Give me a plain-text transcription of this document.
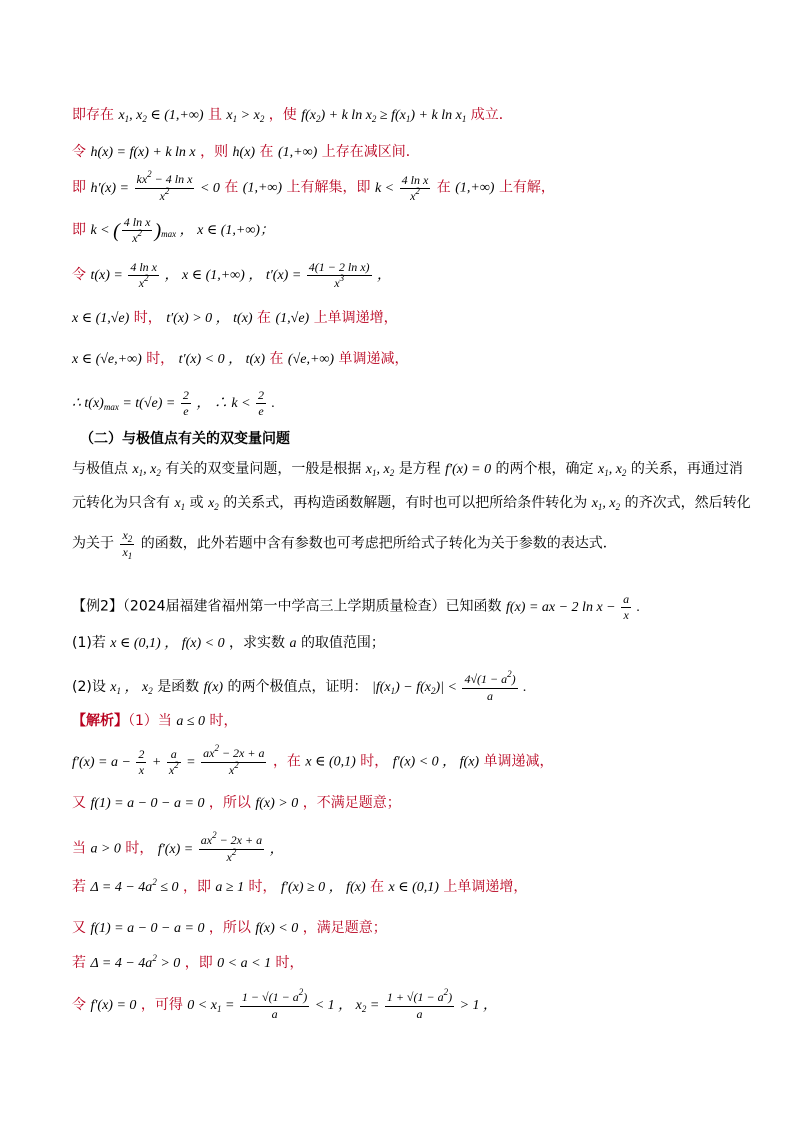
即存在 $x_1$, $x_2$ ∈ (1,+∞) 且 $x_1 > x_2$ ，使 $f(x_2) + k$ $\ln x_2 \ge f(x_1) + k$ $\ln x_1$ 成立．
令 h(x) = f(x) + k ln x ，则 h(x) 在 (1,+∞) 上存在减区间．
即 $h'(x) = \frac{kx^2 - 4 \ln x}{x^2} < 0$ 在 (1,+∞) 上有解集，即 $k < \frac{\text{4 ln x}}{x^2}$ 在 (1,+∞) 上有解，
即 k < ( $\frac{\text{4 ln x}}{x^2} )_{max}$ ， x ∈ (1,+∞)；
令 $t(x) = \frac{\text{4 ln x}}{x^2}$ ， x ∈ (1,+∞) ， $t'(x) = \frac{\text{4(1 − 2 ln x)}}{x^3}$ ，
x ∈ (1,√e) 时， t′(x) > 0 ， t(x) 在 (1,√e) 上单调递增，
x ∈ (√e,+∞) 时， t′(x) < 0 ， t(x) 在 (√e,+∞) 单调递减，
∴ $t(x)_{max} = t(√e) = \frac{2}{e}$ ， ∴ $k < \frac{2}{e}$ .
（二）与极值点有关的双变量问题
与极值点 $x_1$, $x_2$ 有关的双变量问题，一般是根据 $x_1$, $x_2$ 是方程 f′(x) = 0 的两个根，确定 $x_1$, $x_2$ 的关系，再通过消
元转化为只含有 $x_1$ 或 $x_2$ 的关系式，再构造函数解题，有时也可以把所给条件转化为 $x_1$, $x_2$ 的齐次式，然后转化
为关于 $\frac{x_2}{x_1}$ 的函数，此外若题中含有参数也可考虑把所给式子转化为关于参数的表达式．
【例2】（2024届福建省福州第一中学高三上学期质量检查）已知函数 f(x) = ax − 2 $\ln x - \frac{a}{x}$ .
(1)若 x ∈ (0,1) ， f(x) < 0 ，求实数 a 的取值范围；
(2)设 $x_1$ ， $x_2$ 是函数 f(x) 的两个极值点，证明： $|f(x_1) - f(x_2)| < \frac{4√(1 - a^2)}{a}$ .
【解析】（1）当 a ≤ 0 时，
$f'(x) = a - \frac{2}{x} + \frac{a}{x^2} = \frac{ax^2 - 2x + a}{x^2}$ ，在 x ∈ (0,1) 时， f′(x) < 0 ， f(x) 单调递减，
又 f(1) = a − 0 − a = 0 ，所以 f(x) > 0 ，不满足题意；
当 a > 0 时， $f'(x) = \frac{ax^2 - 2x + a}{x^2}$ ，
若 $\Delta = 4 - 4a^2 \le 0$ ，即 a ≥ 1 时， f′(x) ≥ 0 ， f(x) 在 x ∈ (0,1) 上单调递增，
又 f(1) = a − 0 − a = 0 ，所以 f(x) < 0 ，满足题意；
若 $\Delta = 4 - 4a^2 > 0$ ，即 0 < a < 1 时，
令 f′(x) = 0 ，可得 $0 < x_1 = \frac{1 - √(1 - a^2)}{a} < 1$ ， $x_2 = \frac{1 + √(1 - a^2)}{a} > 1$ ，
